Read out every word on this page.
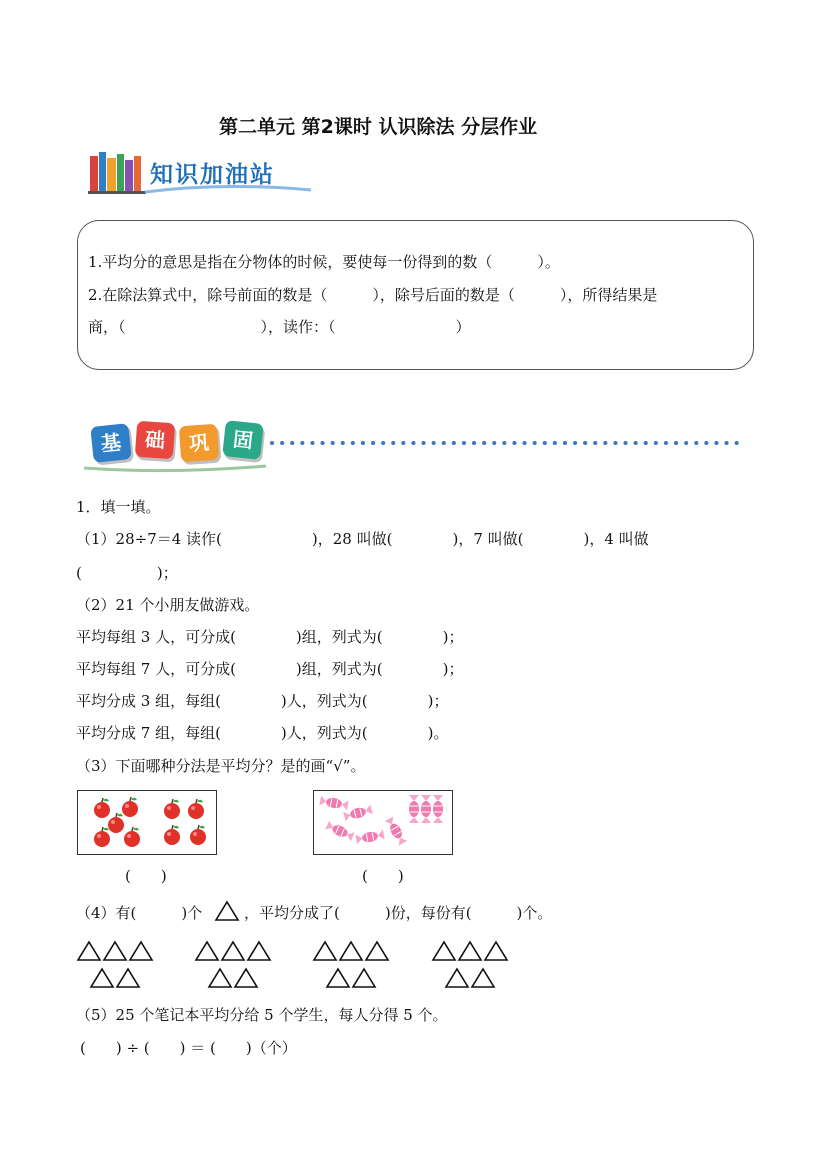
第二单元 第2课时 认识除法 分层作业
知识加油站
1.平均分的意思是指在分物体的时候，要使每一份得到的数（　　　）。
2.在除法算式中，除号前面的数是（　　　），除号后面的数是（　　　），所得结果是
商，（　　　　　　　　　），读作：（　　　　　　　　）
基	础	巩	固
1．填一填。
（1）28÷7＝4 读作(　　　　　　)，28 叫做(　　　　)，7 叫做(　　　　)，4 叫做
(　　　　　)；
（2）21 个小朋友做游戏。
平均每组 3 人，可分成(　　　　)组，列式为(　　　　)；
平均每组 7 人，可分成(　　　　)组，列式为(　　　　)；
平均分成 3 组，每组(　　　　)人，列式为(　　　　)；
平均分成 7 组，每组(　　　　)人，列式为(　　　　)。
（3）下面哪种分法是平均分？是的画“√”。
(　　)	(　　)
（4）有(　　　)个	，平均分成了(　　　)份，每份有(　　　)个。
（5）25 个笔记本平均分给 5 个学生，每人分得 5 个。
(　　) ÷ (　　) ＝ (　　)（个）
